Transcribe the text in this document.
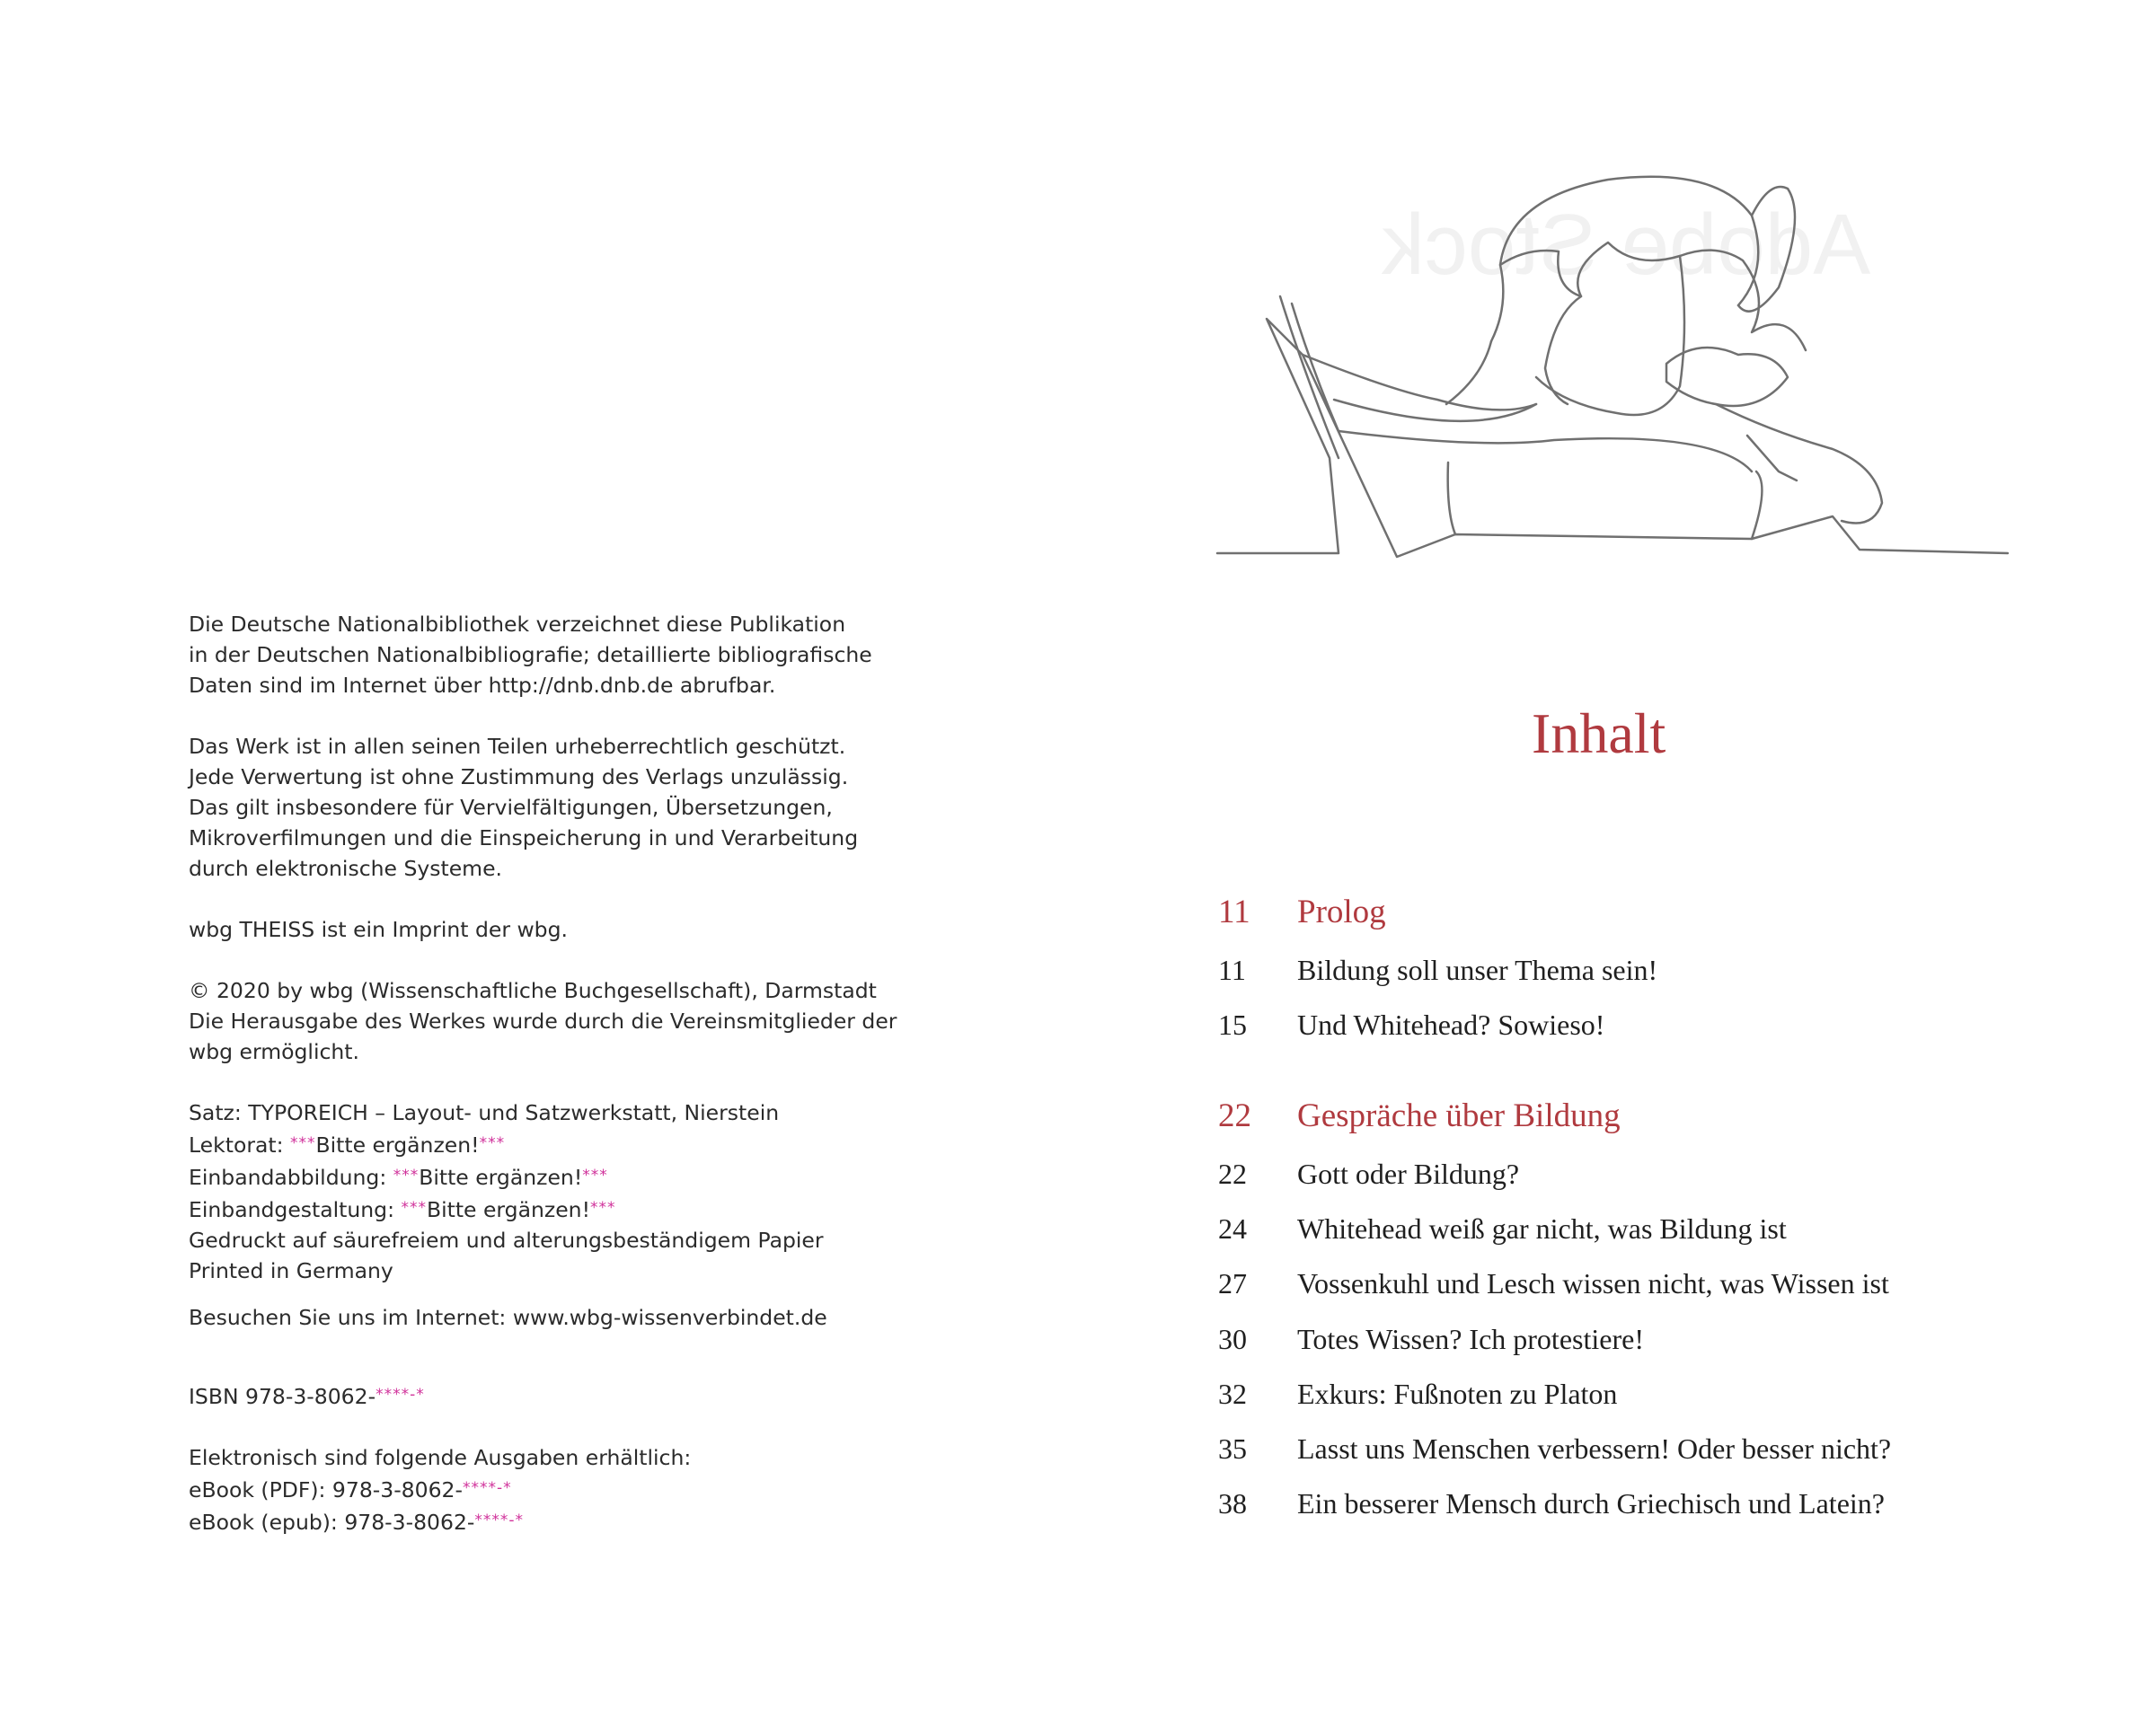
Die Deutsche Nationalbibliothek verzeichnet diese Publikation

in der Deutschen Nationalbibliografie; detaillierte bibliografische

Daten sind im Internet über http://dnb.dnb.de abrufbar.

Das Werk ist in allen seinen Teilen urheberrechtlich geschützt.

Jede Verwertung ist ohne Zustimmung des Verlags unzulässig.

Das gilt insbesondere für Vervielfältigungen, Übersetzungen,

Mikroverfilmungen und die Einspeicherung in und Verarbeitung

durch elektronische Systeme.

wbg THEISS ist ein Imprint der wbg.

© 2020 by wbg (Wissenschaftliche Buchgesellschaft), Darmstadt

Die Herausgabe des Werkes wurde durch die Vereinsmitglieder der

wbg ermöglicht.

Satz: TYPOREICH – Layout- und Satzwerkstatt, Nierstein

Lektorat: ***Bitte ergänzen!***

Einbandabbildung: ***Bitte ergänzen!***

Einbandgestaltung: ***Bitte ergänzen!***

Gedruckt auf säurefreiem und alterungsbeständigem Papier

Printed in Germany

Besuchen Sie uns im Internet: www.wbg-wissenverbindet.de

ISBN 978-3-8062-****-*

Elektronisch sind folgende Ausgaben erhältlich:

eBook (PDF): 978-3-8062-****-*

eBook (epub): 978-3-8062-****-*

Adobe Stock
Inhalt
11	Prolog
11	Bildung soll unser Thema sein!
15	Und Whitehead? Sowieso!
22	Gespräche über Bildung
22	Gott oder Bildung?
24	Whitehead weiß gar nicht, was Bildung ist
27	Vossenkuhl und Lesch wissen nicht, was Wissen ist
30	Totes Wissen? Ich protestiere!
32	Exkurs: Fußnoten zu Platon
35	Lasst uns Menschen verbessern! Oder besser nicht?
38	Ein besserer Mensch durch Griechisch und Latein?
